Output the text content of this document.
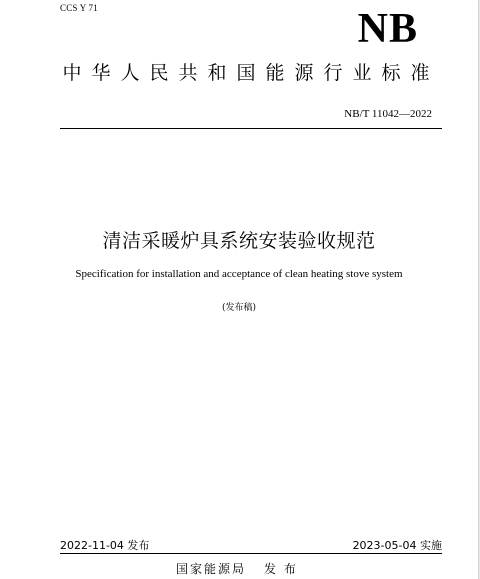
CCS Y 71	NB
中华人民共和国能源行业标准
NB/T 11042—2022
清洁采暖炉具系统安装验收规范
Specification for installation and acceptance of clean heating stove system
(发布稿)
2022-11-04 发布	2023-05-04 实施
国家能源局 发 布
